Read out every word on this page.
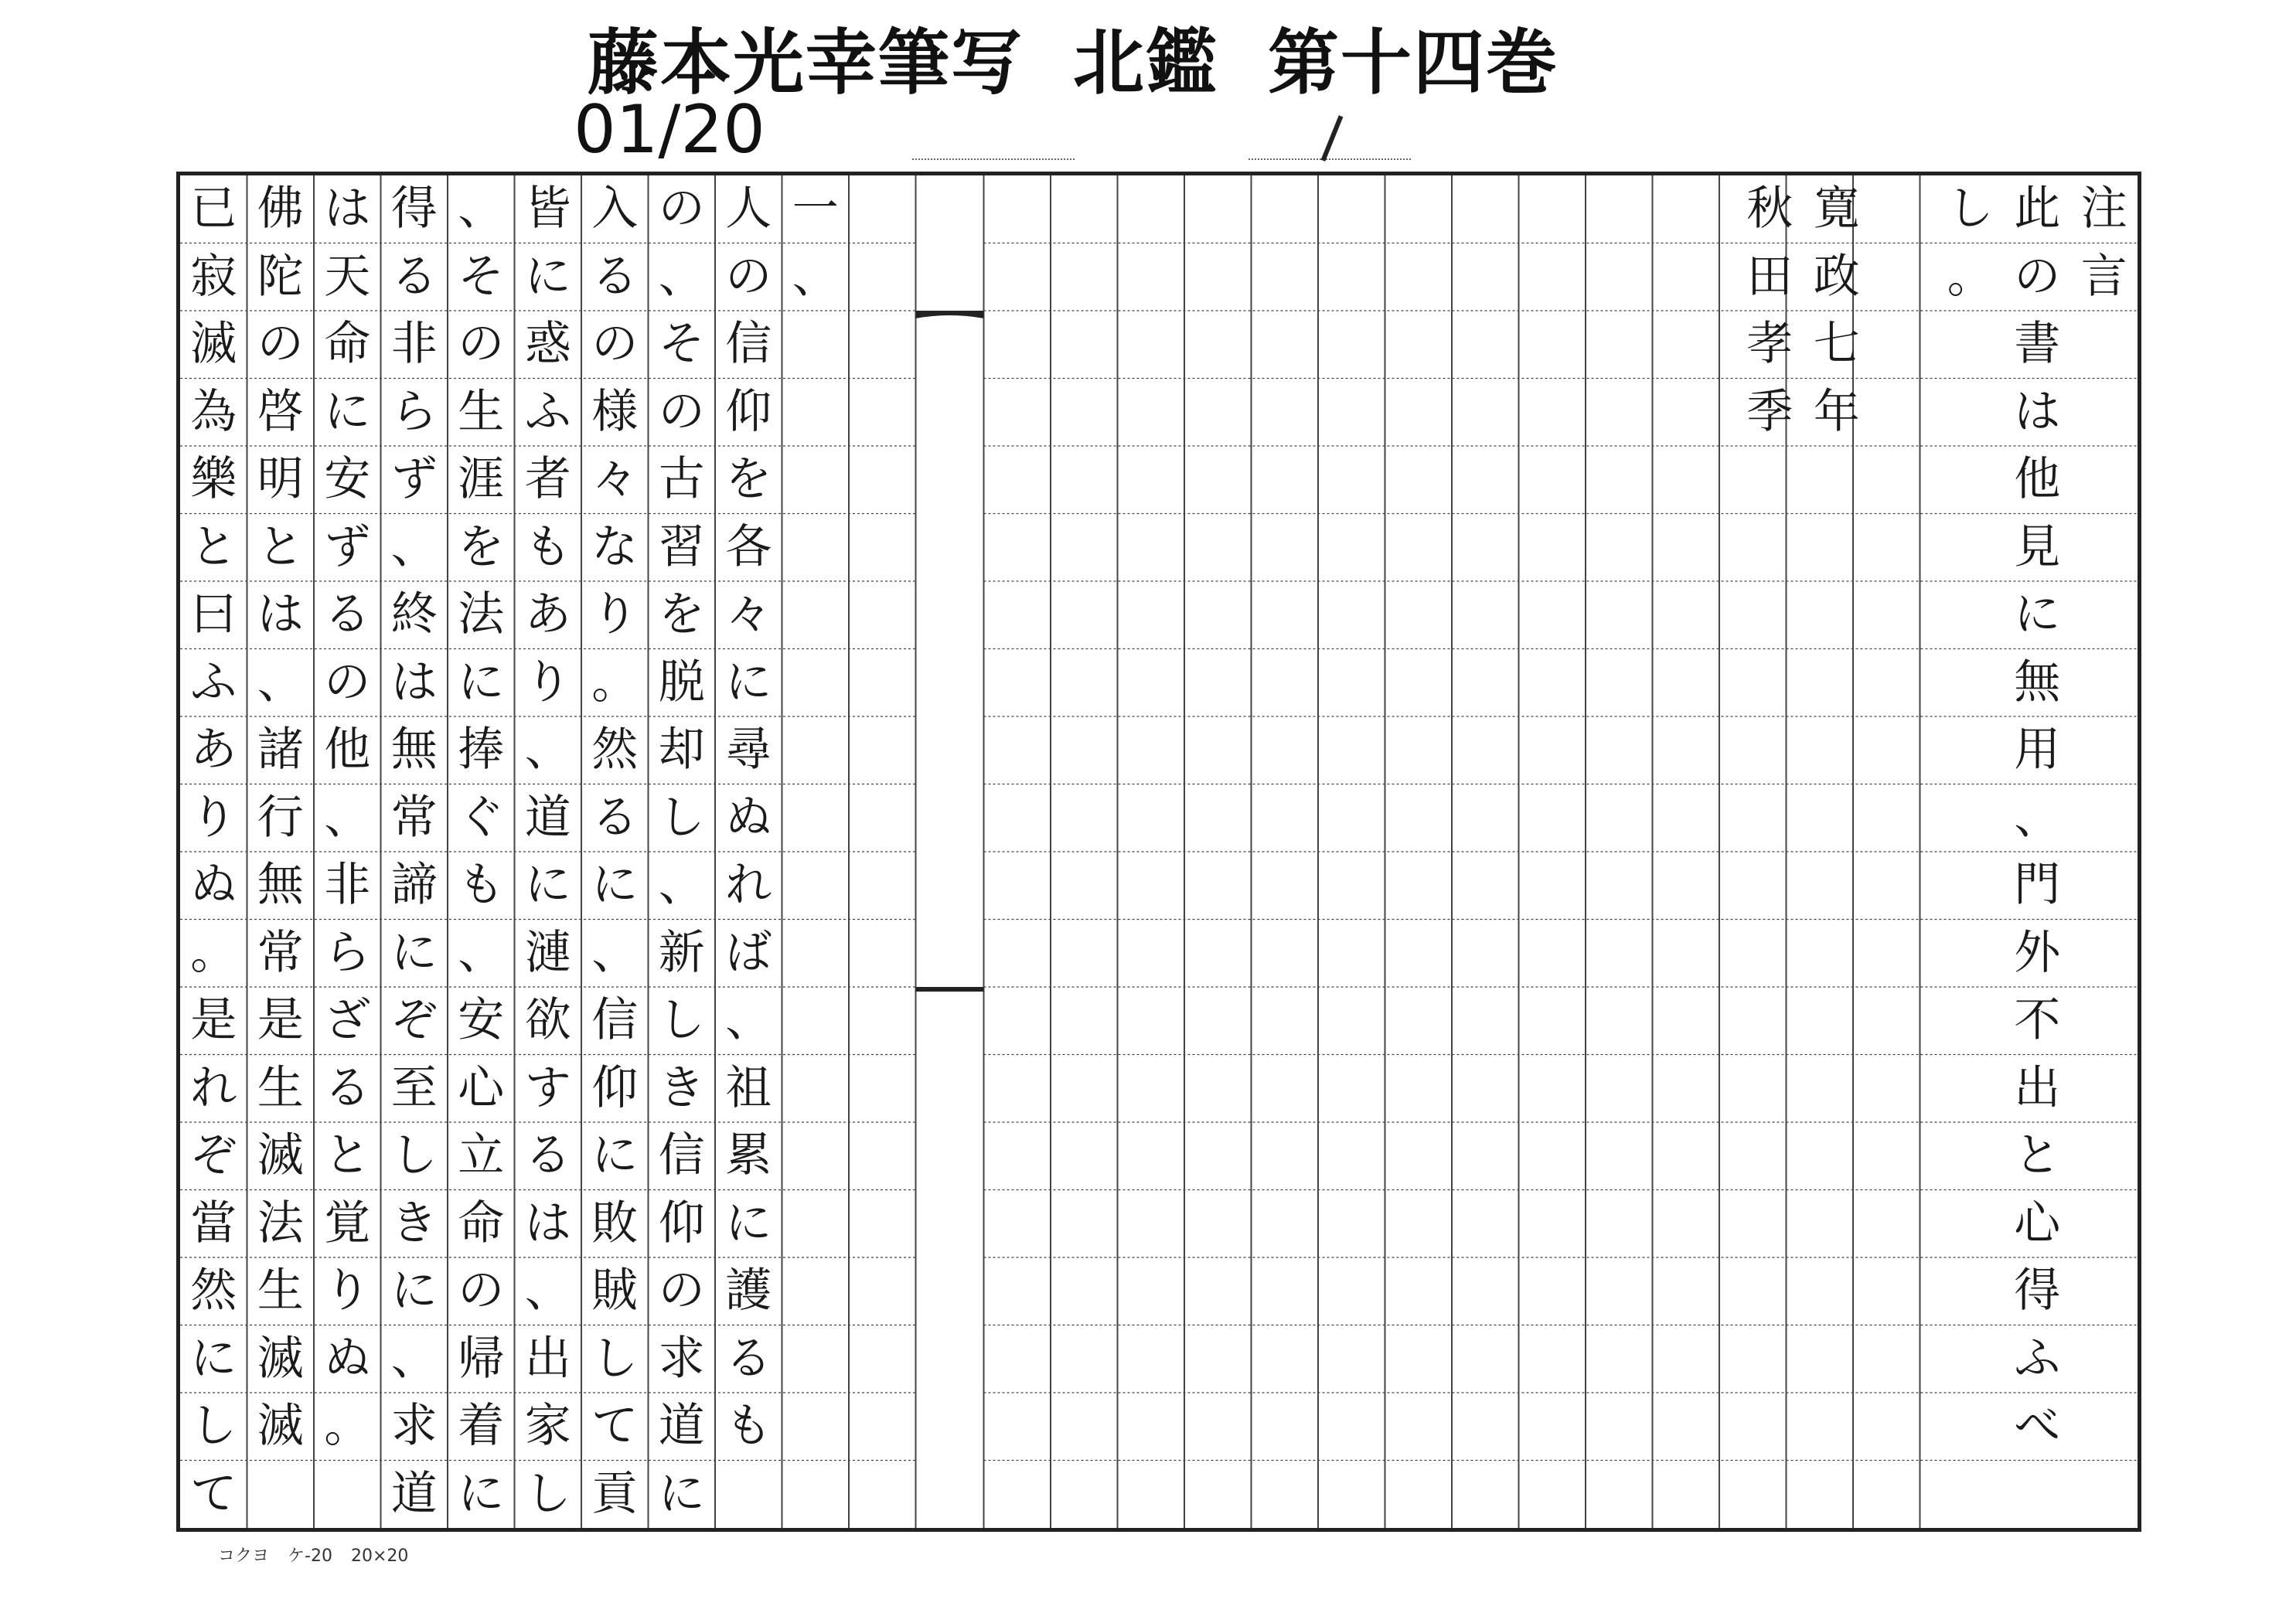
藤本光幸筆写 北鑑 第十四巻
01/20
注
言
此
の
書
は
他
見
に
無
用
、
門
外
不
出
と
心
得
ふ
べ
し
。
寛
政
七
年
秋
田
孝
季
一
、
人
の
信
仰
を
各
々
に
尋
ぬ
れ
ば
、
祖
累
に
護
る
も
の
、
そ
の
古
習
を
脱
却
し
、
新
し
き
信
仰
の
求
道
に
入
る
の
様
々
な
り
。
然
る
に
、
信
仰
に
敗
賊
し
て
貢
皆
に
惑
ふ
者
も
あ
り
、
道
に
漣
欲
す
る
は
、
出
家
し
、
そ
の
生
涯
を
法
に
捧
ぐ
も
、
安
心
立
命
の
帰
着
に
得
る
非
ら
ず
、
終
は
無
常
諦
に
ぞ
至
し
き
に
、
求
道
は
天
命
に
安
ず
る
の
他
、
非
ら
ざ
る
と
覚
り
ぬ
。
佛
陀
の
啓
明
と
は
、
諸
行
無
常
是
生
滅
法
生
滅
滅
已
寂
滅
為
樂
と
曰
ふ
あ
り
ぬ
。
是
れ
ぞ
當
然
に
し
て
コクヨ ケ-20 20×20
